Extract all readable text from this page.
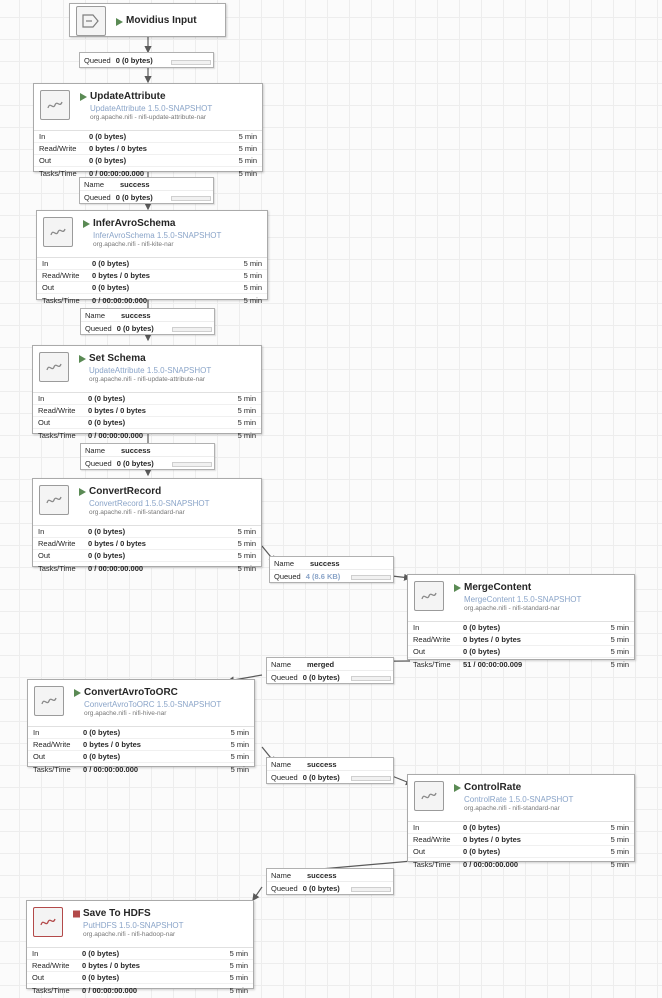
Movidius Input
Queued 0 (0 bytes)
UpdateAttribute
UpdateAttribute 1.5.0-SNAPSHOT
org.apache.nifi - nifi-update-attribute-nar
In	0 (0 bytes)	5 min
Read/Write	0 bytes / 0 bytes	5 min
Out	0 (0 bytes)	5 min
Tasks/Time	0 / 00:00:00.000	5 min
Name	success
Queued 0 (0 bytes)
InferAvroSchema
InferAvroSchema 1.5.0-SNAPSHOT
org.apache.nifi - nifi-kite-nar
In	0 (0 bytes)	5 min
Read/Write	0 bytes / 0 bytes	5 min
Out	0 (0 bytes)	5 min
Tasks/Time	0 / 00:00:00.000	5 min
Name	success
Queued 0 (0 bytes)
Set Schema
UpdateAttribute 1.5.0-SNAPSHOT
org.apache.nifi - nifi-update-attribute-nar
In	0 (0 bytes)	5 min
Read/Write	0 bytes / 0 bytes	5 min
Out	0 (0 bytes)	5 min
Tasks/Time	0 / 00:00:00.000	5 min
Name	success
Queued 0 (0 bytes)
ConvertRecord
ConvertRecord 1.5.0-SNAPSHOT
org.apache.nifi - nifi-standard-nar
In	0 (0 bytes)	5 min
Read/Write	0 bytes / 0 bytes	5 min
Out	0 (0 bytes)	5 min
Tasks/Time	0 / 00:00:00.000	5 min
Name	success
Queued 4 (8.6 KB)
MergeContent
MergeContent 1.5.0-SNAPSHOT
org.apache.nifi - nifi-standard-nar
In	0 (0 bytes)	5 min
Read/Write	0 bytes / 0 bytes	5 min
Out	0 (0 bytes)	5 min
Tasks/Time	51 / 00:00:00.009	5 min
Name	merged
Queued 0 (0 bytes)
ConvertAvroToORC
ConvertAvroToORC 1.5.0-SNAPSHOT
org.apache.nifi - nifi-hive-nar
In	0 (0 bytes)	5 min
Read/Write	0 bytes / 0 bytes	5 min
Out	0 (0 bytes)	5 min
Tasks/Time	0 / 00:00:00.000	5 min
Name	success
Queued 0 (0 bytes)
ControlRate
ControlRate 1.5.0-SNAPSHOT
org.apache.nifi - nifi-standard-nar
In	0 (0 bytes)	5 min
Read/Write	0 bytes / 0 bytes	5 min
Out	0 (0 bytes)	5 min
Tasks/Time	0 / 00:00:00.000	5 min
Name	success
Queued 0 (0 bytes)
Save To HDFS
PutHDFS 1.5.0-SNAPSHOT
org.apache.nifi - nifi-hadoop-nar
In	0 (0 bytes)	5 min
Read/Write	0 bytes / 0 bytes	5 min
Out	0 (0 bytes)	5 min
Tasks/Time	0 / 00:00:00.000	5 min
